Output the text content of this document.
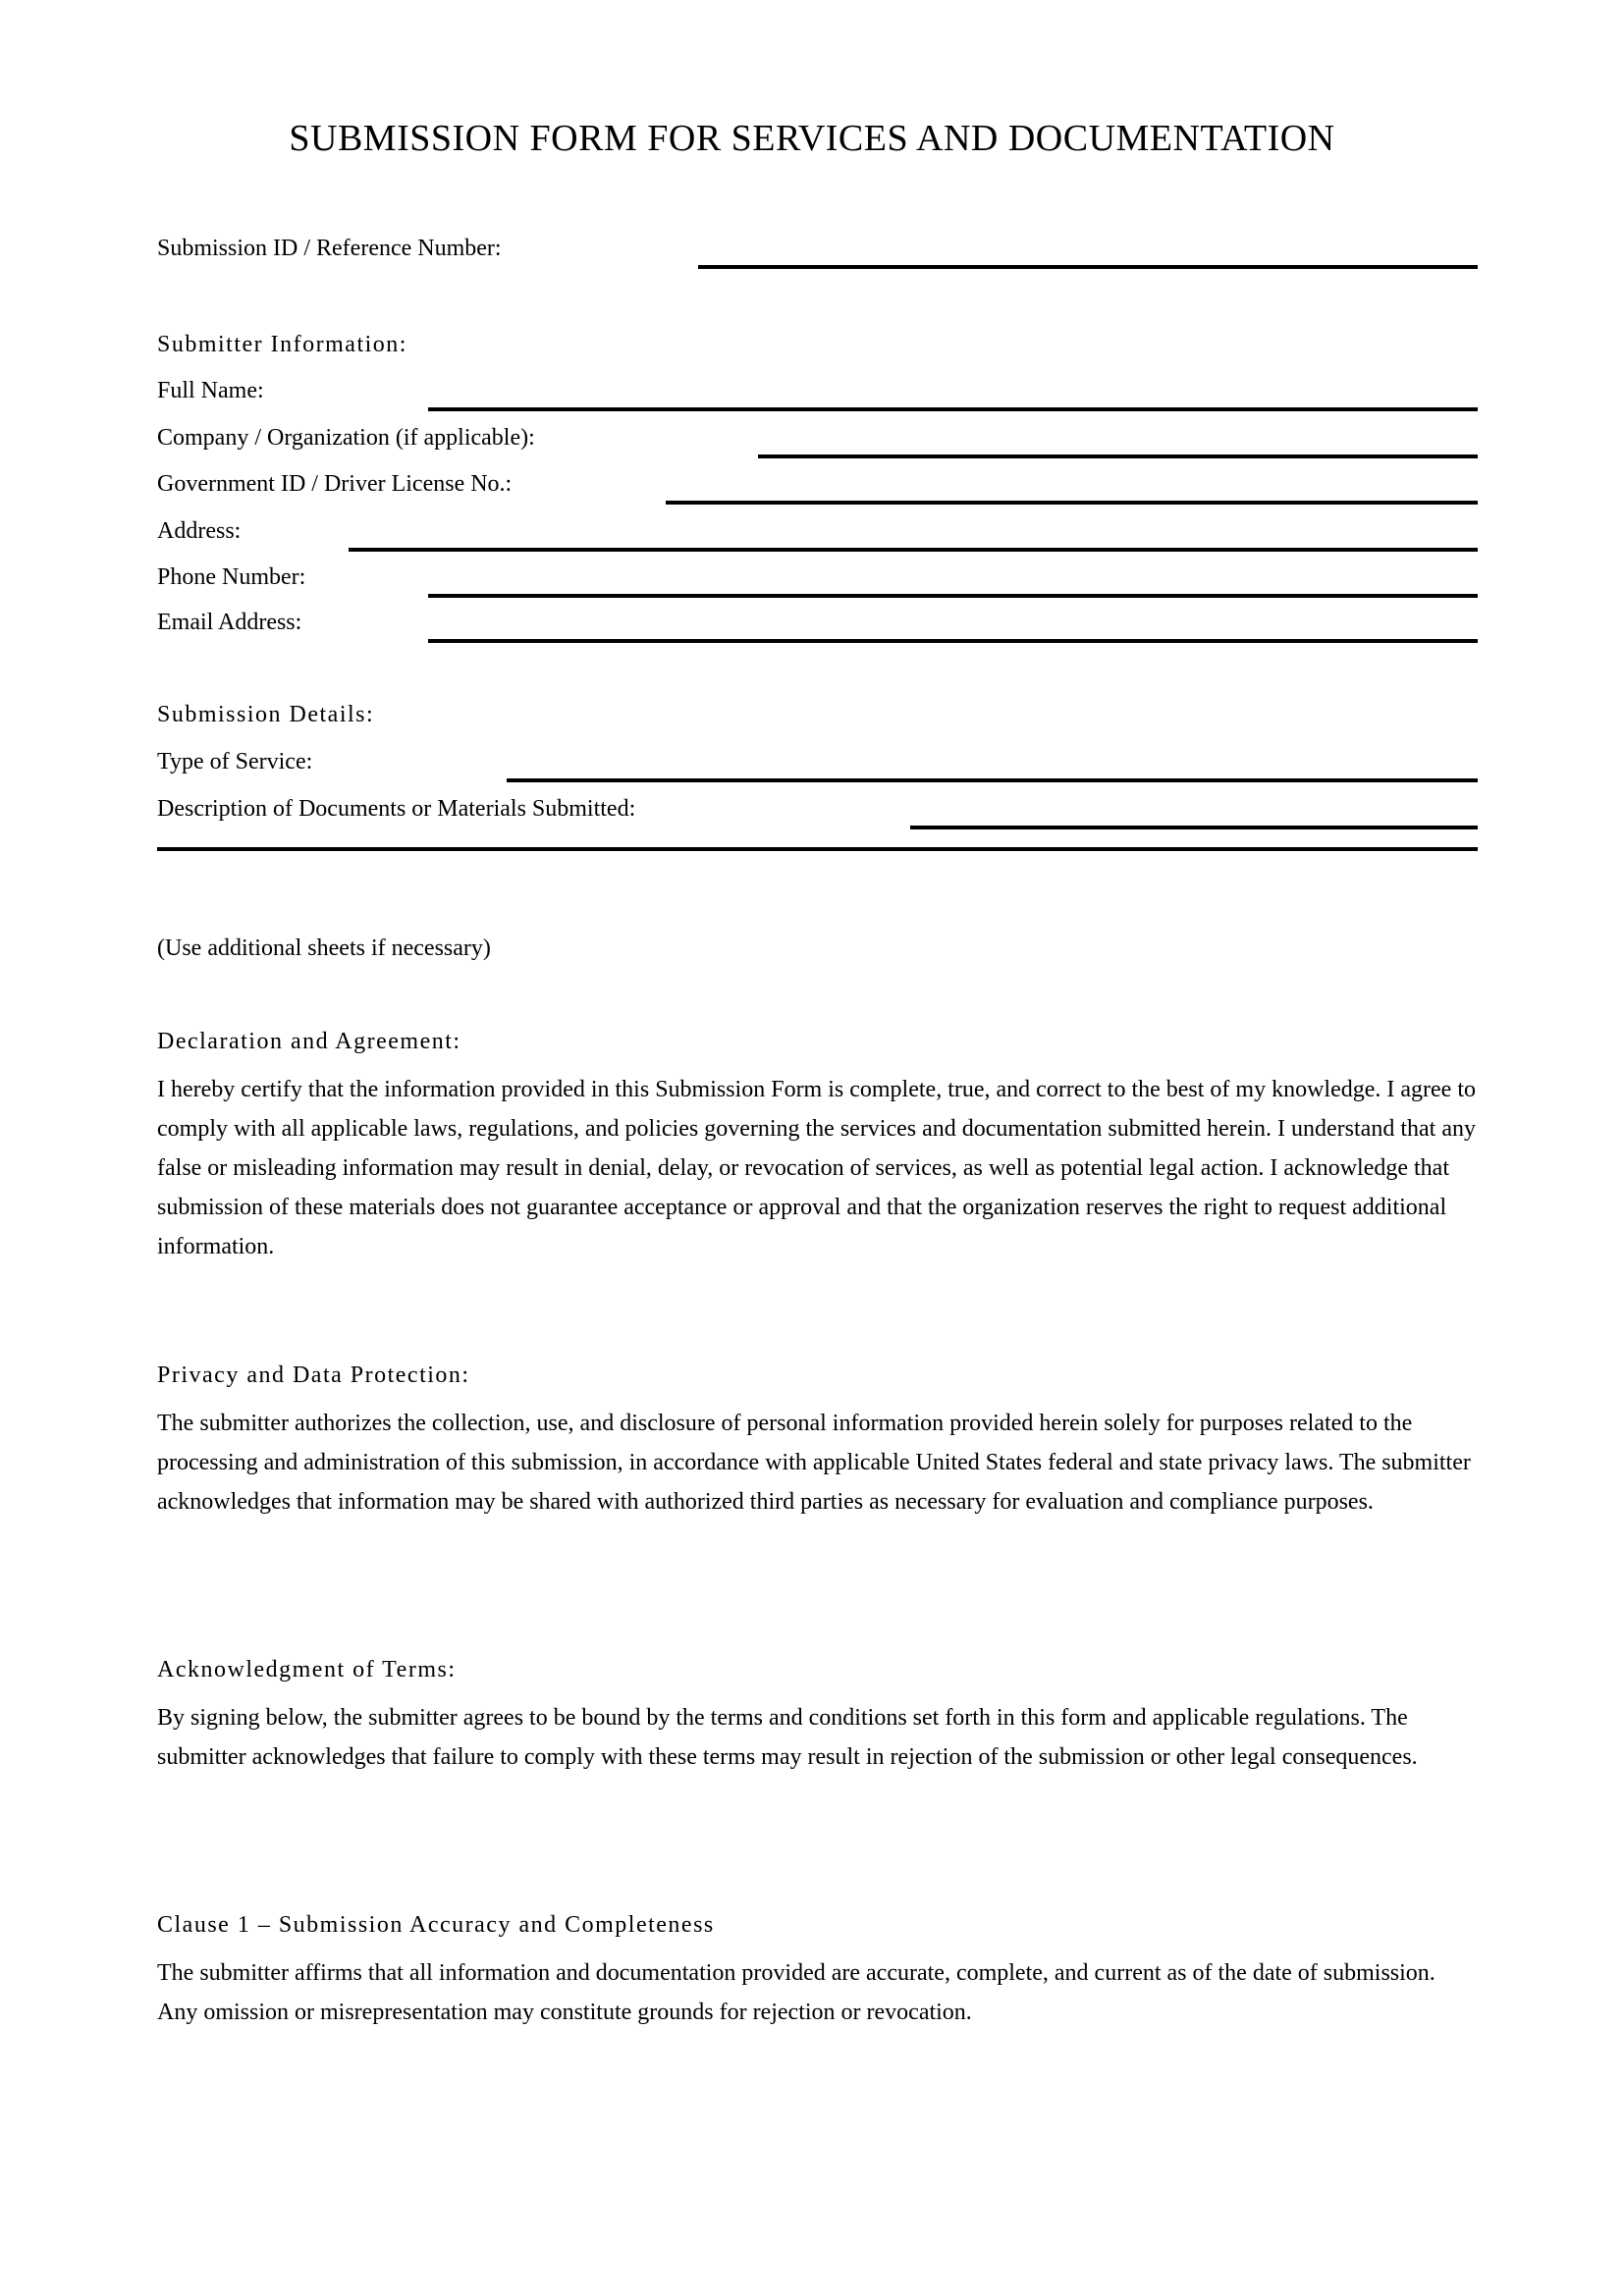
SUBMISSION FORM FOR SERVICES AND DOCUMENTATION
Submission ID / Reference Number:
Submitter Information:
Full Name:
Company / Organization (if applicable):
Government ID / Driver License No.:
Address:
Phone Number:
Email Address:
Submission Details:
Type of Service:
Description of Documents or Materials Submitted:
(Use additional sheets if necessary)
Declaration and Agreement:
I hereby certify that the information provided in this Submission Form is complete, true, and correct to the best of my knowledge. I agree to comply with all applicable laws, regulations, and policies governing the services and documentation submitted herein. I understand that any false or misleading information may result in denial, delay, or revocation of services, as well as potential legal action. I acknowledge that submission of these materials does not guarantee acceptance or approval and that the organization reserves the right to request additional information.
Privacy and Data Protection:
The submitter authorizes the collection, use, and disclosure of personal information provided herein solely for purposes related to the processing and administration of this submission, in accordance with applicable United States federal and state privacy laws. The submitter acknowledges that information may be shared with authorized third parties as necessary for evaluation and compliance purposes.
Acknowledgment of Terms:
By signing below, the submitter agrees to be bound by the terms and conditions set forth in this form and applicable regulations. The submitter acknowledges that failure to comply with these terms may result in rejection of the submission or other legal consequences.
Clause 1 – Submission Accuracy and Completeness
The submitter affirms that all information and documentation provided are accurate, complete, and current as of the date of submission. Any omission or misrepresentation may constitute grounds for rejection or revocation.
